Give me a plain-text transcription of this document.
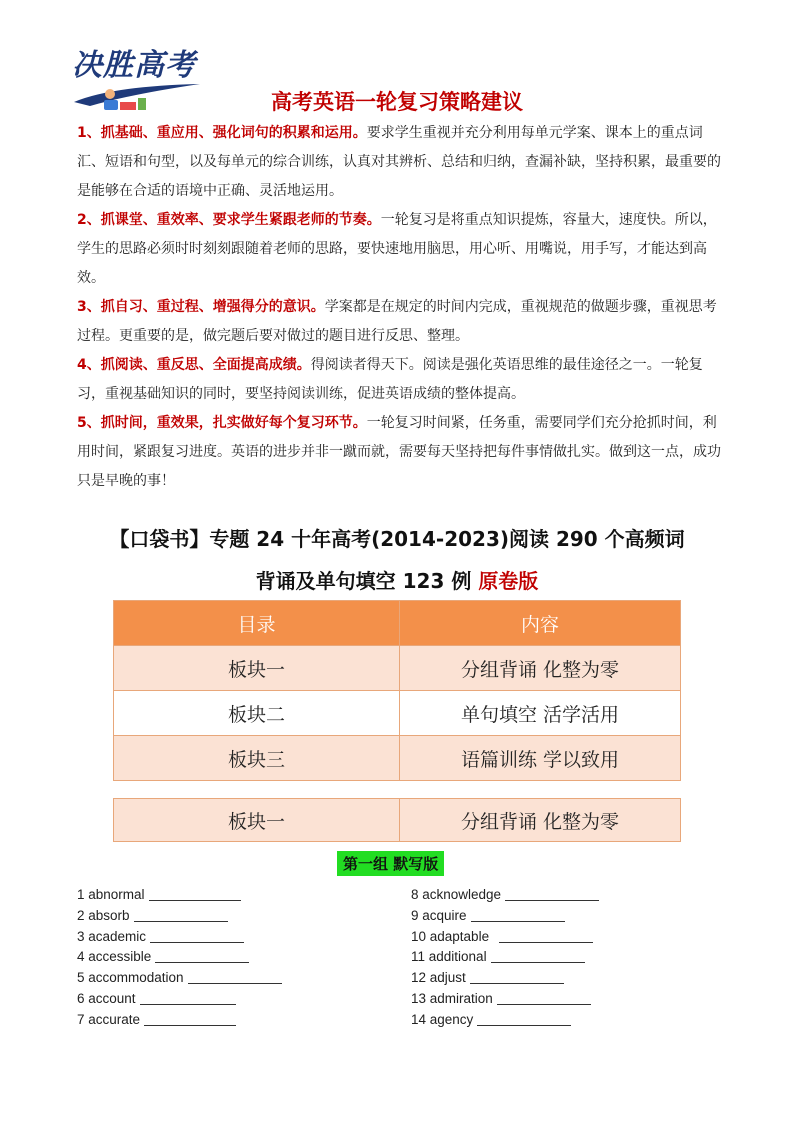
决胜高考
高考英语一轮复习策略建议

1、抓基础、重应用、强化词句的积累和运用。要求学生重视并充分利用每单元学案、课本上的重点词汇、短语和句型，以及每单元的综合训练，认真对其辨析、总结和归纳，查漏补缺，坚持积累，最重要的是能够在合适的语境中正确、灵活地运用。

2、抓课堂、重效率、要求学生紧跟老师的节奏。一轮复习是将重点知识提炼，容量大，速度快。所以，学生的思路必须时时刻刻跟随着老师的思路，要快速地用脑思，用心听、用嘴说，用手写，才能达到高效。

3、抓自习、重过程、增强得分的意识。学案都是在规定的时间内完成，重视规范的做题步骤，重视思考过程。更重要的是，做完题后要对做过的题目进行反思、整理。

4、抓阅读、重反思、全面提高成绩。得阅读者得天下。阅读是强化英语思维的最佳途径之一。一轮复习，重视基础知识的同时，要坚持阅读训练，促进英语成绩的整体提高。

5、抓时间，重效果，扎实做好每个复习环节。一轮复习时间紧，任务重，需要同学们充分抢抓时间，利用时间，紧跟复习进度。英语的进步并非一蹴而就，需要每天坚持把每件事情做扎实。做到这一点，成功只是早晚的事！

【口袋书】专题 24 十年高考(2014-2023)阅读 290 个高频词
背诵及单句填空 123 例 原卷版
目录	内容
板块一	分组背诵 化整为零
板块二	单句填空 活学活用
板块三	语篇训练 学以致用
板块一	分组背诵 化整为零
第一组 默写版
1 abnormal
2 absorb
3 academic
4 accessible
5 accommodation
6 account
7 accurate
8 acknowledge
9 acquire
10 adaptable
11 additional
12 adjust
13 admiration
14 agency
